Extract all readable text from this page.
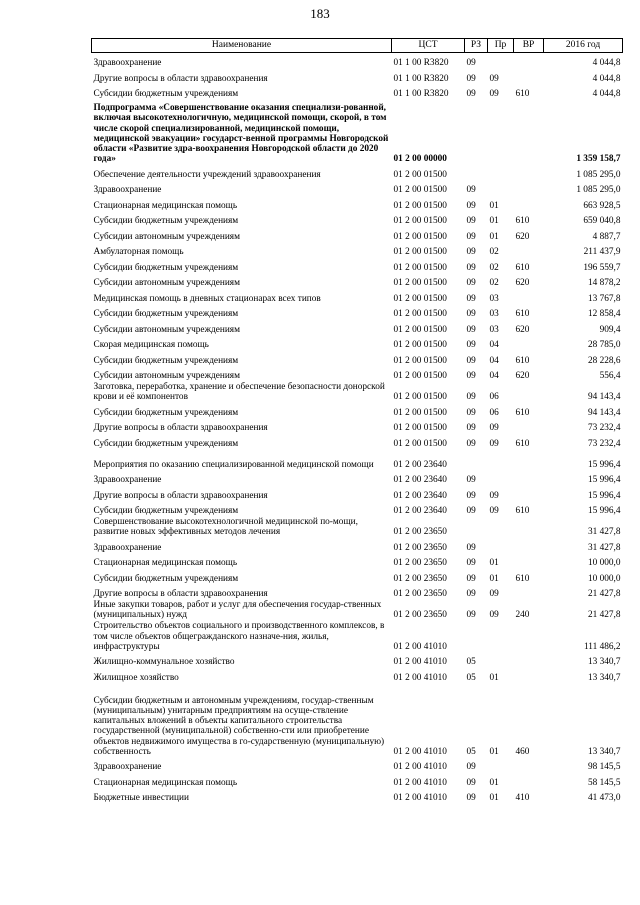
183
Наименование	ЦСТ	РЗ	Пр	ВР	2016 год
Здравоохранение	01 1 00 R3820	09			4 044,8
Другие вопросы в области здравоохранения	01 1 00 R3820	09	09		4 044,8
Субсидии бюджетным учреждениям	01 1 00 R3820	09	09	610	4 044,8
Подпрограмма «Совершенствование оказания специализи-рованной, включая высокотехнологичную, медицинской помощи, скорой, в том числе скорой специализированной, медицинской помощи, медицинской эвакуации» государст-венной программы Новгородской области «Развитие здра-воохранения Новгородской области до 2020 года»	01 2 00 00000				1 359 158,7
Обеспечение деятельности учреждений здравоохранения	01 2 00 01500				1 085 295,0
Здравоохранение	01 2 00 01500	09			1 085 295,0
Стационарная медицинская помощь	01 2 00 01500	09	01		663 928,5
Субсидии бюджетным учреждениям	01 2 00 01500	09	01	610	659 040,8
Субсидии автономным учреждениям	01 2 00 01500	09	01	620	4 887,7
Амбулаторная помощь	01 2 00 01500	09	02		211 437,9
Субсидии бюджетным учреждениям	01 2 00 01500	09	02	610	196 559,7
Субсидии автономным учреждениям	01 2 00 01500	09	02	620	14 878,2
Медицинская помощь в дневных стационарах всех типов	01 2 00 01500	09	03		13 767,8
Субсидии бюджетным учреждениям	01 2 00 01500	09	03	610	12 858,4
Субсидии автономным учреждениям	01 2 00 01500	09	03	620	909,4
Скорая медицинская помощь	01 2 00 01500	09	04		28 785,0
Субсидии бюджетным учреждениям	01 2 00 01500	09	04	610	28 228,6
Субсидии автономным учреждениям	01 2 00 01500	09	04	620	556,4
Заготовка, переработка, хранение и обеспечение безопасности донорской крови и её компонентов	01 2 00 01500	09	06		94 143,4
Субсидии бюджетным учреждениям	01 2 00 01500	09	06	610	94 143,4
Другие вопросы в области здравоохранения	01 2 00 01500	09	09		73 232,4
Субсидии бюджетным учреждениям	01 2 00 01500	09	09	610	73 232,4
Мероприятия по оказанию специализированной медицинской помощи	01 2 00 23640				15 996,4
Здравоохранение	01 2 00 23640	09			15 996,4
Другие вопросы в области здравоохранения	01 2 00 23640	09	09		15 996,4
Субсидии бюджетным учреждениям	01 2 00 23640	09	09	610	15 996,4
Совершенствование высокотехнологичной медицинской по-мощи, развитие новых эффективных методов лечения	01 2 00 23650				31 427,8
Здравоохранение	01 2 00 23650	09			31 427,8
Стационарная медицинская помощь	01 2 00 23650	09	01		10 000,0
Субсидии бюджетным учреждениям	01 2 00 23650	09	01	610	10 000,0
Другие вопросы в области здравоохранения	01 2 00 23650	09	09		21 427,8
Иные закупки товаров, работ и услуг для обеспечения государ-ственных (муниципальных) нужд	01 2 00 23650	09	09	240	21 427,8
Строительство объектов социального и производственного комплексов, в том числе объектов общегражданского назначе-ния, жилья, инфраструктуры	01 2 00 41010				111 486,2
Жилищно-коммунальное хозяйство	01 2 00 41010	05			13 340,7
Жилищное хозяйство	01 2 00 41010	05	01		13 340,7
Субсидии бюджетным и автономным учреждениям, государ-ственным (муниципальным) унитарным предприятиям на осуще-ствление капитальных вложений в объекты капитального строительства государственной (муниципальной) собственно-сти или приобретение объектов недвижимого имущества в го-сударственную (муниципальную) собственность	01 2 00 41010	05	01	460	13 340,7
Здравоохранение	01 2 00 41010	09			98 145,5
Стационарная медицинская помощь	01 2 00 41010	09	01		58 145,5
Бюджетные инвестиции	01 2 00 41010	09	01	410	41 473,0
